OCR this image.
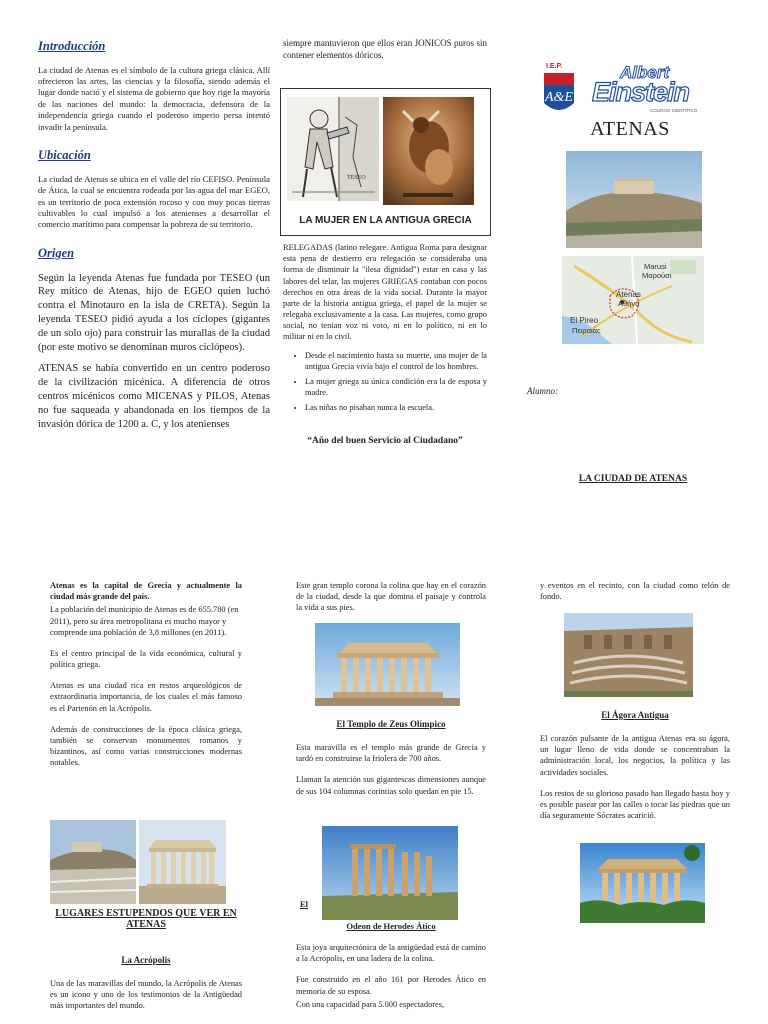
Introducción

La ciudad de Atenas es el símbolo de la cultura griega clásica. Allí ofrecieron las artes, las ciencias y la filosofía, siendo además el lugar donde nació y el sistema de gobierno que hoy rige la mayoría de las naciones del mundo: la democracia, defensora de la independencia griega cuando el poderoso imperio persa intentó invadir la península.

Ubicación

La ciudad de Atenas se ubica en el valle del río CEFISO. Península de Ática, la cual se encuentra rodeada por las agua del mar EGEO, es un territorio de poca extensión rocoso y con muy pocas tierras cultivables lo cual impulsó a los atenienses a desarrollar el comercio marítimo para compensar la pobreza de su territorio.

Origen

Según la leyenda Atenas fue fundada por TESEO (un Rey mítico de Atenas, hijo de EGEO quien luchó contra el Minotauro en la isla de CRETA). Según la leyenda TESEO pidió ayuda a los cíclopes (gigantes de un solo ojo) para construir las murallas de la ciudad (por este motivo se denominan muros ciclópeos).

ATENAS se había convertido en un centro poderoso de la civilización micénica. A diferencia de otros centros micénicos como MICENAS y PILOS, Atenas no fue saqueada y abandonada en los tiempos de la invasión dórica de 1200 a. C, y los atenienses

siempre mantuvieron que ellos eran JONICOS puros sin contener elementos dóricos.

TESEO
LA MUJER EN LA ANTIGUA GRECIA

RELEGADAS (latino relegare. Antigua Roma para designar esta pena de destierro era relegación se consideraba una forma de disminuir la "ilesa dignidad") estar en casa y las labores del telar, las mujeres GRIEGAS contaban con pocos derechos en otra áreas de la vida social. Durante la mayor parte de la historia antigua griega, el papel de la mujer se relegaba exclusivamente a la casa. Las mujeres, como grupo social, no tenían voz ni voto, ni en lo político, ni en lo militar ni en lo civil.

• Desde el nacimiento hasta su muerte, una mujer de la antigua Grecia vivía bajo el control de los hombres.
• La mujer griega su única condición era la de esposa y madre.
• Las niñas no pisaban nunca la escuela.

“Año del buen Servicio al Ciudadano”

A&E
I.E.P.	Albert
Einstein
COLEGIO CIENTÍFICO
ATENAS
Marusi
Μαρούσι
Atenas
Αθήνα
El Pireo
Πειραιάς
Alumno:
LA CIUDAD DE ATENAS

Atenas es la capital de Grecia y actualmente la ciudad más grande del país.

La población del municipio de Atenas es de 655.780 (en 2011), pero su área metropolitana es mucho mayor y comprende una población de 3,8 millones (en 2011).

Es el centro principal de la vida económica, cultural y política griega.

Atenas es una ciudad rica en restos arqueológicos de extraordinaria importancia, de los cuales el más famoso es el Partenón en la Acrópolis.

Además de construcciones de la época clásica griega, también se conservan monumentos romanos y bizantinos, así como varias construcciones modernas notables.

LUGARES ESTUPENDOS QUE VER EN ATENAS
La Acrópolis

Una de las maravillas del mundo, la Acrópolis de Atenas es un icono y uno de los testimonios de la Antigüedad más importantes del mundo.

Este gran templo corona la colina que hay en el corazón de la ciudad, desde la que domina el paisaje y controla la vida a sus pies.

El Templo de Zeus Olímpico

Esta maravilla es el templo más grande de Grecia y tardó en construirse la friolera de 700 años.

Llaman la atención sus gigantescas dimensiones aunque de sus 104 columnas corintias solo quedan en pie 15.

El
Odeon de Herodes Ático

Esta joya arquitectónica de la antigüedad está de camino a la Acrópolis, en una ladera de la colina.

Fue construido en el año 161 por Herodes Ático en memoria de su esposa.

Con una capacidad para 5.000 espectadores,

y eventos en el recinto, con la ciudad como telón de fondo.

El Ágora Antigua

El corazón pulsante de la antigua Atenas era su ágora, un lugar lleno de vida donde se concentraban la administración local, los negocios, la política y las actividades sociales.

Los restos de su glorioso pasado han llegado hasta hoy y es posible pasear por las calles o tocar las piedras que un día seguramente Sócrates acarició.
